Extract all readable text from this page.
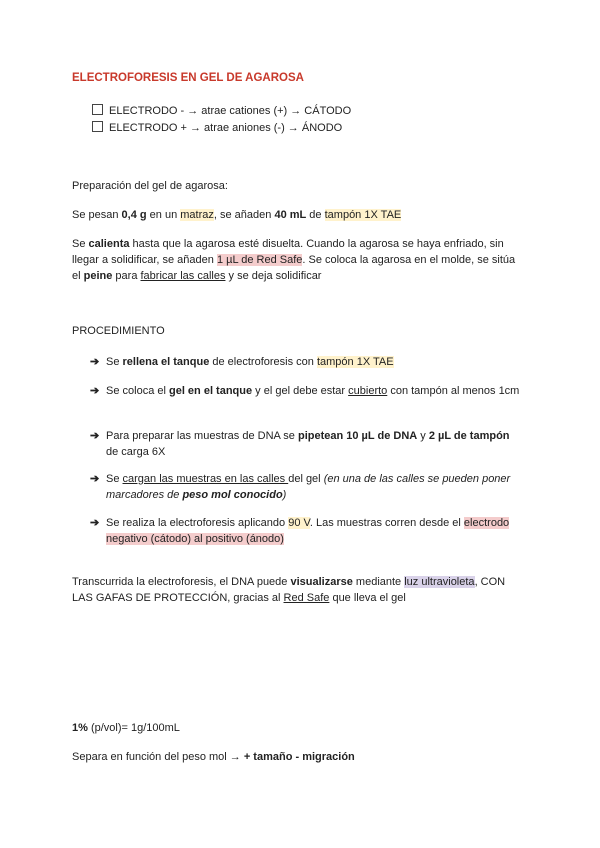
ELECTROFORESIS EN GEL DE AGAROSA
ELECTRODO - → atrae cationes (+) → CÁTODO
ELECTRODO + → atrae aniones (-) → ÁNODO
Preparación del gel de agarosa:
Se pesan 0,4 g en un matraz, se añaden 40 mL de tampón 1X TAE
Se calienta hasta que la agarosa esté disuelta. Cuando la agarosa se haya enfriado, sin
llegar a solidificar, se añaden 1 µL de Red Safe. Se coloca la agarosa en el molde, se sitúa
el peine para fabricar las calles y se deja solidificar
PROCEDIMIENTO
➔ Se rellena el tanque de electroforesis con tampón 1X TAE
➔ Se coloca el gel en el tanque y el gel debe estar cubierto con tampón al menos 1cm
➔ Para preparar las muestras de DNA se pipetean 10 µL de DNA y 2 µL de tampón
de carga 6X
➔ Se cargan las muestras en las calles del gel (en una de las calles se pueden poner
marcadores de peso mol conocido)
➔ Se realiza la electroforesis aplicando 90 V. Las muestras corren desde el electrodo
negativo (cátodo) al positivo (ánodo)
Transcurrida la electroforesis, el DNA puede visualizarse mediante luz ultravioleta, CON
LAS GAFAS DE PROTECCIÓN, gracias al Red Safe que lleva el gel
1% (p/vol)= 1g/100mL
Separa en función del peso mol → + tamaño - migración
